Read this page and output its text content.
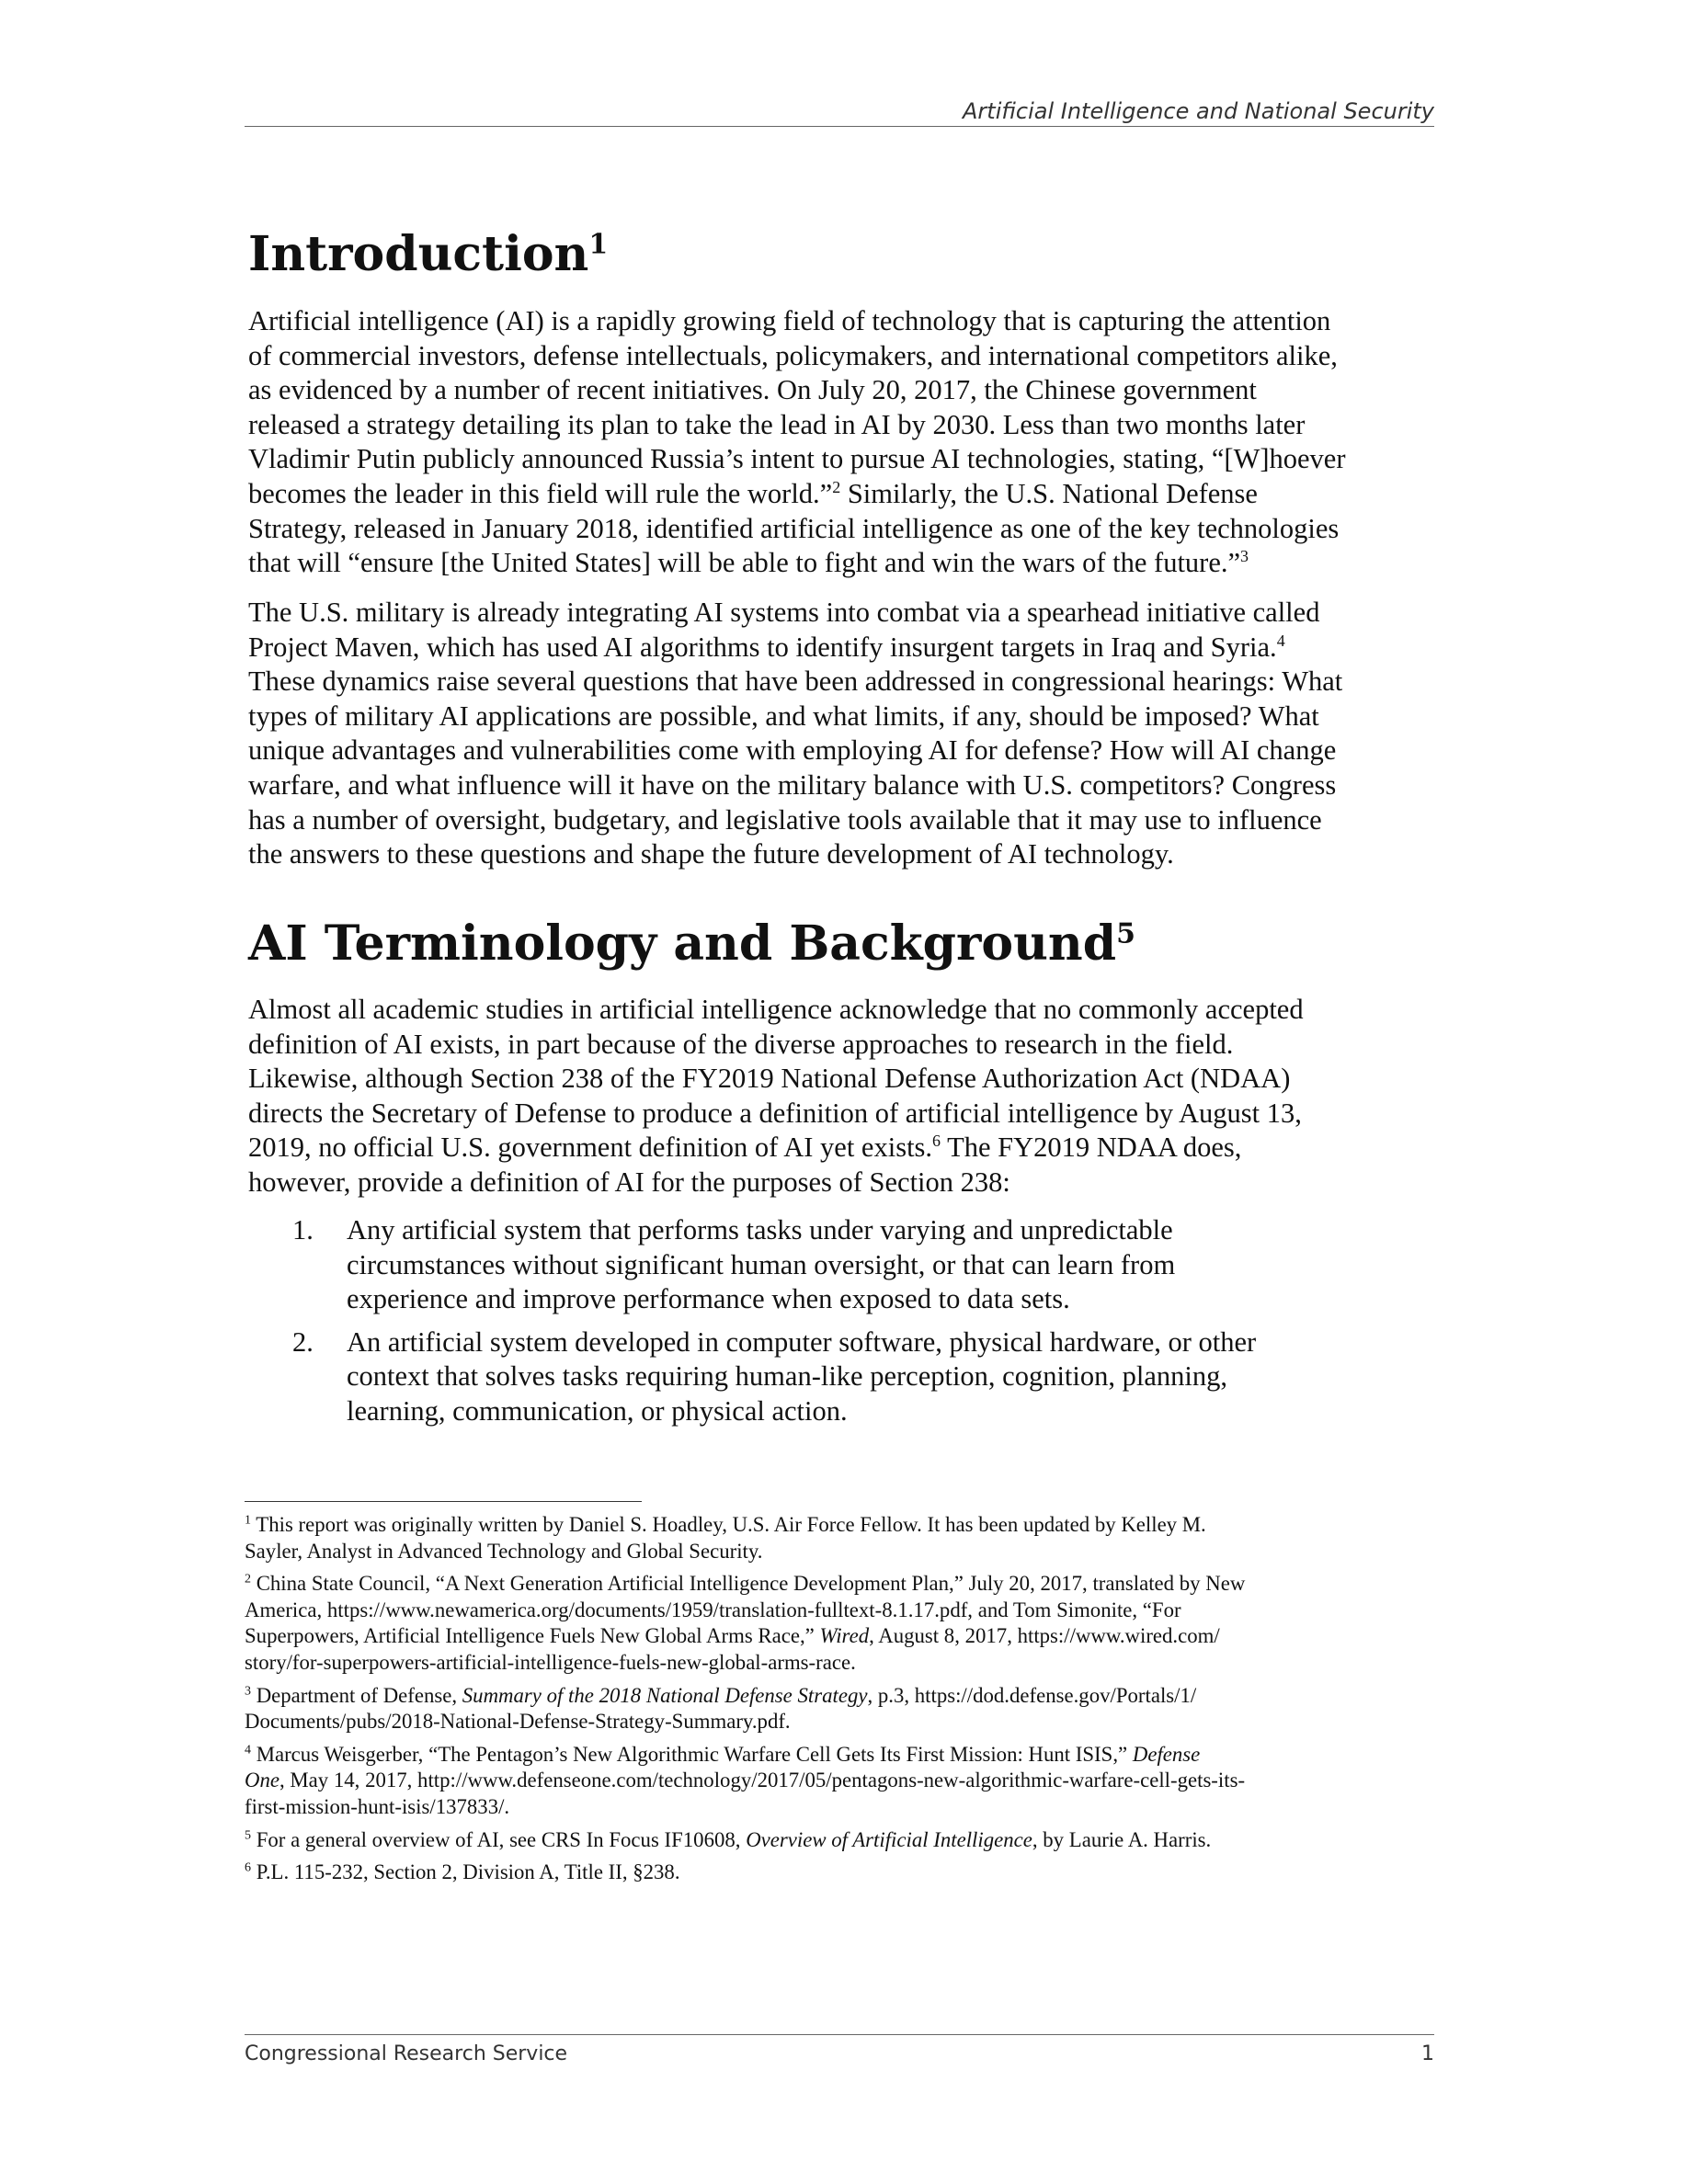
Artificial Intelligence and National Security
Introduction$^1$

Artificial intelligence (AI) is a rapidly growing field of technology that is capturing the attention
of commercial investors, defense intellectuals, policymakers, and international competitors alike,
as evidenced by a number of recent initiatives. On July 20, 2017, the Chinese government
released a strategy detailing its plan to take the lead in AI by 2030. Less than two months later
Vladimir Putin publicly announced Russia’s intent to pursue AI technologies, stating, “[W]hoever
becomes the leader in this field will rule the world.”$^2$ Similarly, the U.S. National Defense
Strategy, released in January 2018, identified artificial intelligence as one of the key technologies
that will “ensure [the United States] will be able to fight and win the wars of the future.”$^3$

The U.S. military is already integrating AI systems into combat via a spearhead initiative called
Project Maven, which has used AI algorithms to identify insurgent targets in Iraq and Syria.$^4$
These dynamics raise several questions that have been addressed in congressional hearings: What
types of military AI applications are possible, and what limits, if any, should be imposed? What
unique advantages and vulnerabilities come with employing AI for defense? How will AI change
warfare, and what influence will it have on the military balance with U.S. competitors? Congress
has a number of oversight, budgetary, and legislative tools available that it may use to influence
the answers to these questions and shape the future development of AI technology.

AI Terminology and Background$^5$

Almost all academic studies in artificial intelligence acknowledge that no commonly accepted
definition of AI exists, in part because of the diverse approaches to research in the field.
Likewise, although Section 238 of the FY2019 National Defense Authorization Act (NDAA)
directs the Secretary of Defense to produce a definition of artificial intelligence by August 13,
2019, no official U.S. government definition of AI yet exists.$^6$ The FY2019 NDAA does,
however, provide a definition of AI for the purposes of Section 238:

1. Any artificial system that performs tasks under varying and unpredictable
circumstances without significant human oversight, or that can learn from
experience and improve performance when exposed to data sets.
2. An artificial system developed in computer software, physical hardware, or other
context that solves tasks requiring human-like perception, cognition, planning,
learning, communication, or physical action.

$^1$ This report was originally written by Daniel S. Hoadley, U.S. Air Force Fellow. It has been updated by Kelley M.
Sayler, Analyst in Advanced Technology and Global Security.

$^2$ China State Council, “A Next Generation Artificial Intelligence Development Plan,” July 20, 2017, translated by New
America, https://www.newamerica.org/documents/1959/translation-fulltext-8.1.17.pdf, and Tom Simonite, “For
Superpowers, Artificial Intelligence Fuels New Global Arms Race,” Wired, August 8, 2017, https://www.wired.com/
story/for-superpowers-artificial-intelligence-fuels-new-global-arms-race.

$^3$ Department of Defense, Summary of the 2018 National Defense Strategy, p.3, https://dod.defense.gov/Portals/1/
Documents/pubs/2018-National-Defense-Strategy-Summary.pdf.

$^4$ Marcus Weisgerber, “The Pentagon’s New Algorithmic Warfare Cell Gets Its First Mission: Hunt ISIS,” Defense
One, May 14, 2017, http://www.defenseone.com/technology/2017/05/pentagons-new-algorithmic-warfare-cell-gets-its-
first-mission-hunt-isis/137833/.

$^5$ For a general overview of AI, see CRS In Focus IF10608, Overview of Artificial Intelligence, by Laurie A. Harris.

$^6$ P.L. 115-232, Section 2, Division A, Title II, §238.

Congressional Research Service	1
